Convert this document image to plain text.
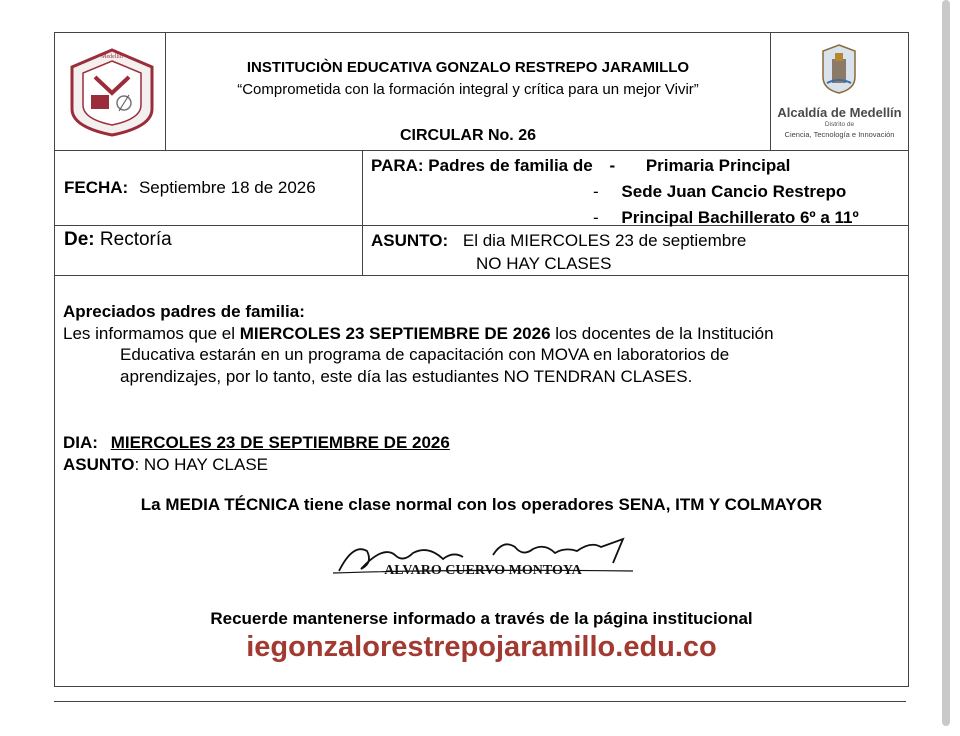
Medellín
INSTITUCIÒN EDUCATIVA GONZALO RESTREPO JARAMILLO
“Comprometida con la formación integral y crítica para un mejor Vivir”
CIRCULAR No. 26
Alcaldía de Medellín
Distrito de
Ciencia, Tecnología e Innovación
FECHA: Septiembre 18 de 2026
PARA: Padres de familia de - Primaria Principal
- Sede Juan Cancio Restrepo
- Principal Bachillerato 6º a 11º
De: Rectoría	ASUNTO: El dia MIERCOLES 23 de septiembre
NO HAY CLASES
Apreciados padres de familia:
Les informamos que el MIERCOLES 23 SEPTIEMBRE DE 2026 los docentes de la Institución
Educativa estarán en un programa de capacitación con MOVA en laboratorios de
aprendizajes, por lo tanto, este día las estudiantes NO TENDRAN CLASES.
DIA: MIERCOLES 23 DE SEPTIEMBRE DE 2026
ASUNTO: NO HAY CLASE
La MEDIA TÉCNICA tiene clase normal con los operadores SENA, ITM Y COLMAYOR
ALVARO CUERVO MONTOYA
Recuerde mantenerse informado a través de la página institucional
iegonzalorestrepojaramillo.edu.co
